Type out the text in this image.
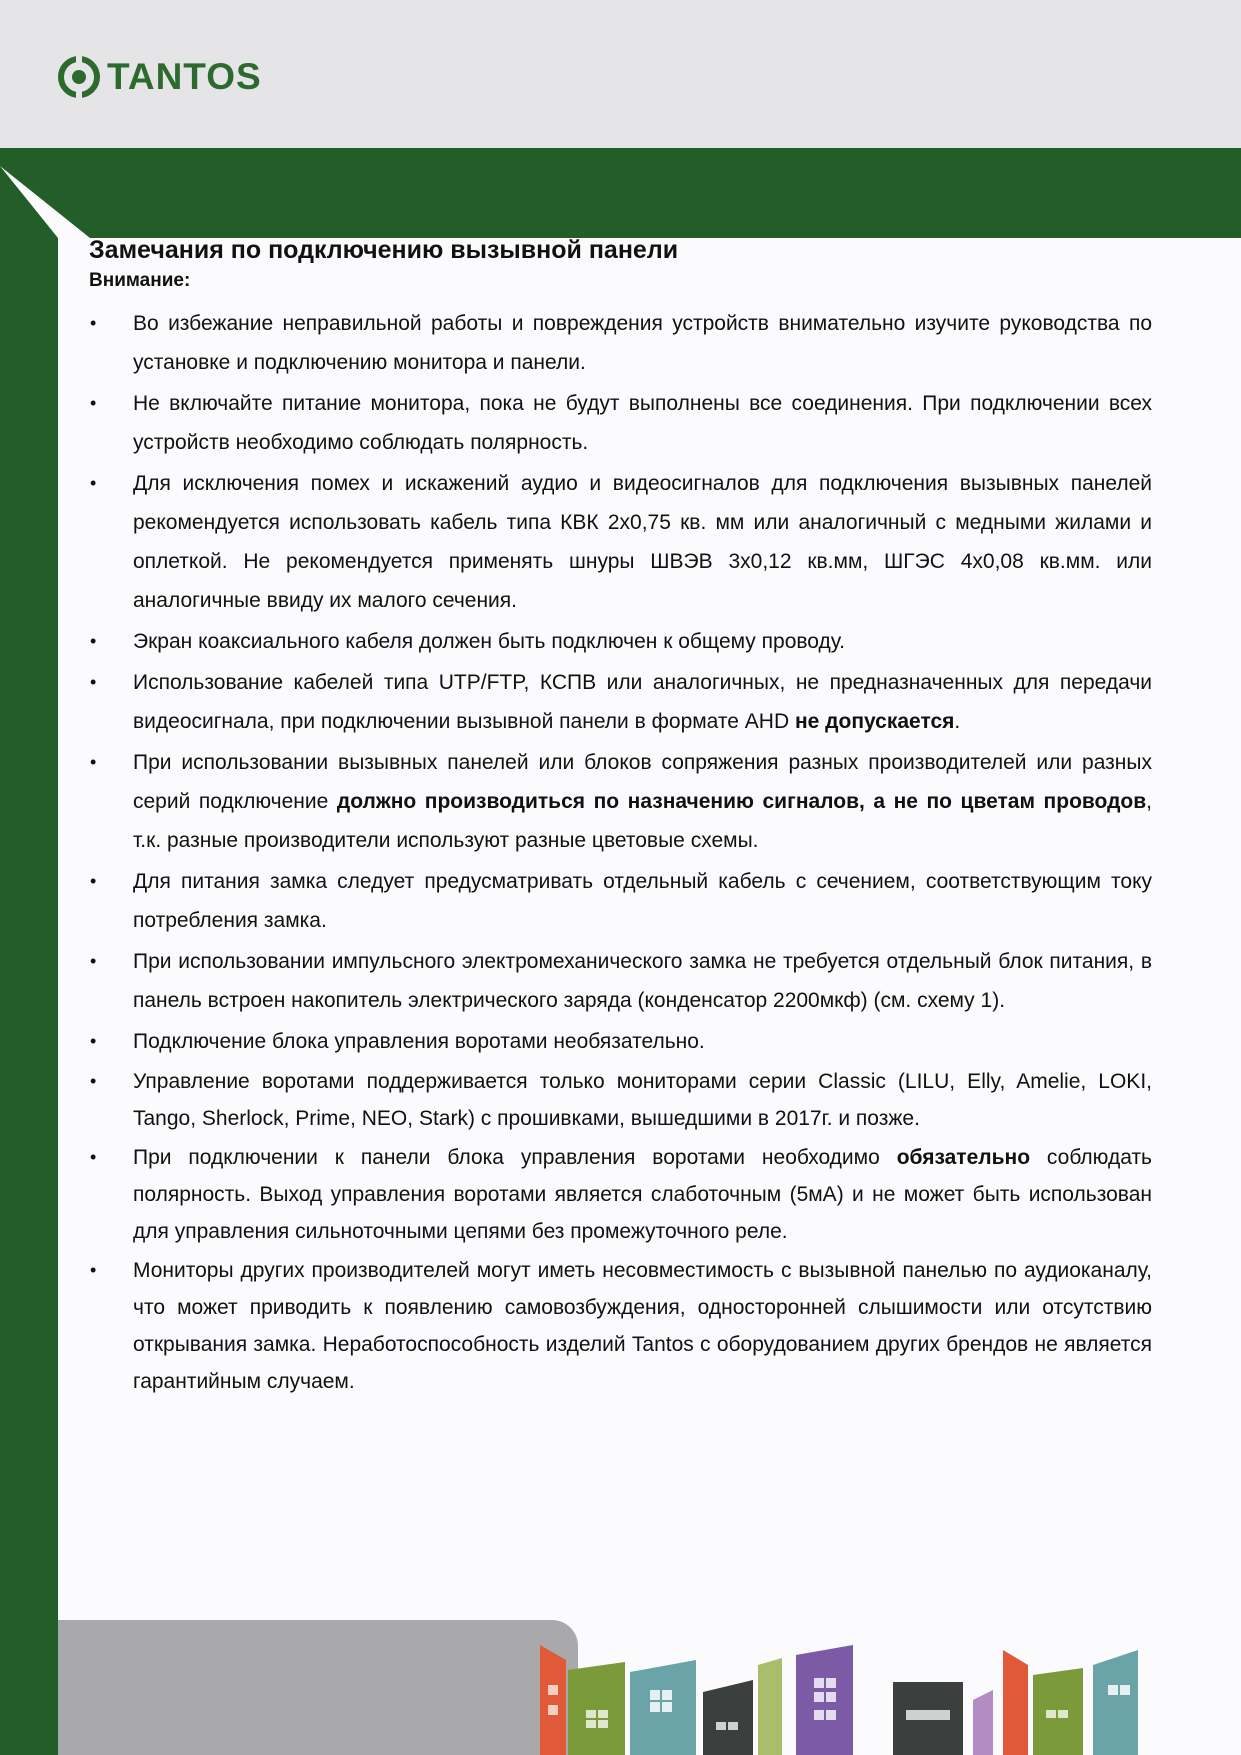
TANTOS
Замечания по подключению вызывной панели
Внимание:
• Во избежание неправильной работы и повреждения устройств внимательно изучите руководства по установке и подключению монитора и панели.
• Не включайте питание монитора, пока не будут выполнены все соединения. При подключении всех устройств необходимо соблюдать полярность.
• Для исключения помех и искажений аудио и видеосигналов для подключения вызывных панелей рекомендуется использовать кабель типа КВК 2х0,75 кв. мм или аналогичный с медными жилами и оплеткой. Не рекомендуется применять шнуры ШВЭВ 3х0,12 кв.мм, ШГЭС 4х0,08 кв.мм. или аналогичные ввиду их малого сечения.
• Экран коаксиального кабеля должен быть подключен к общему проводу.
• Использование кабелей типа UTP/FTP, КСПВ или аналогичных, не предназначенных для передачи видеосигнала, при подключении вызывной панели в формате AHD не допускается.
• При использовании вызывных панелей или блоков сопряжения разных производителей или разных серий подключение должно производиться по назначению сигналов, а не по цветам проводов, т.к. разные производители используют разные цветовые схемы.
• Для питания замка следует предусматривать отдельный кабель с сечением, соответствующим току потребления замка.
• При использовании импульсного электромеханического замка не требуется отдельный блок питания, в панель встроен накопитель электрического заряда (конденсатор 2200мкф) (см. схему 1).
• Подключение блока управления воротами необязательно.
• Управление воротами поддерживается только мониторами серии Classic (LILU, Elly, Amelie, LOKI, Tango, Sherlock, Prime, NEO, Stark) с прошивками, вышедшими в 2017г. и позже.
• При подключении к панели блока управления воротами необходимо обязательно соблюдать полярность. Выход управления воротами является слаботочным (5мА) и не может быть использован для управления сильноточными цепями без промежуточного реле.
• Мониторы других производителей могут иметь несовместимость с вызывной панелью по аудиоканалу, что может приводить к появлению самовозбуждения, односторонней слышимости или отсутствию открывания замка. Неработоспособность изделий Tantos с оборудованием других брендов не является гарантийным случаем.
